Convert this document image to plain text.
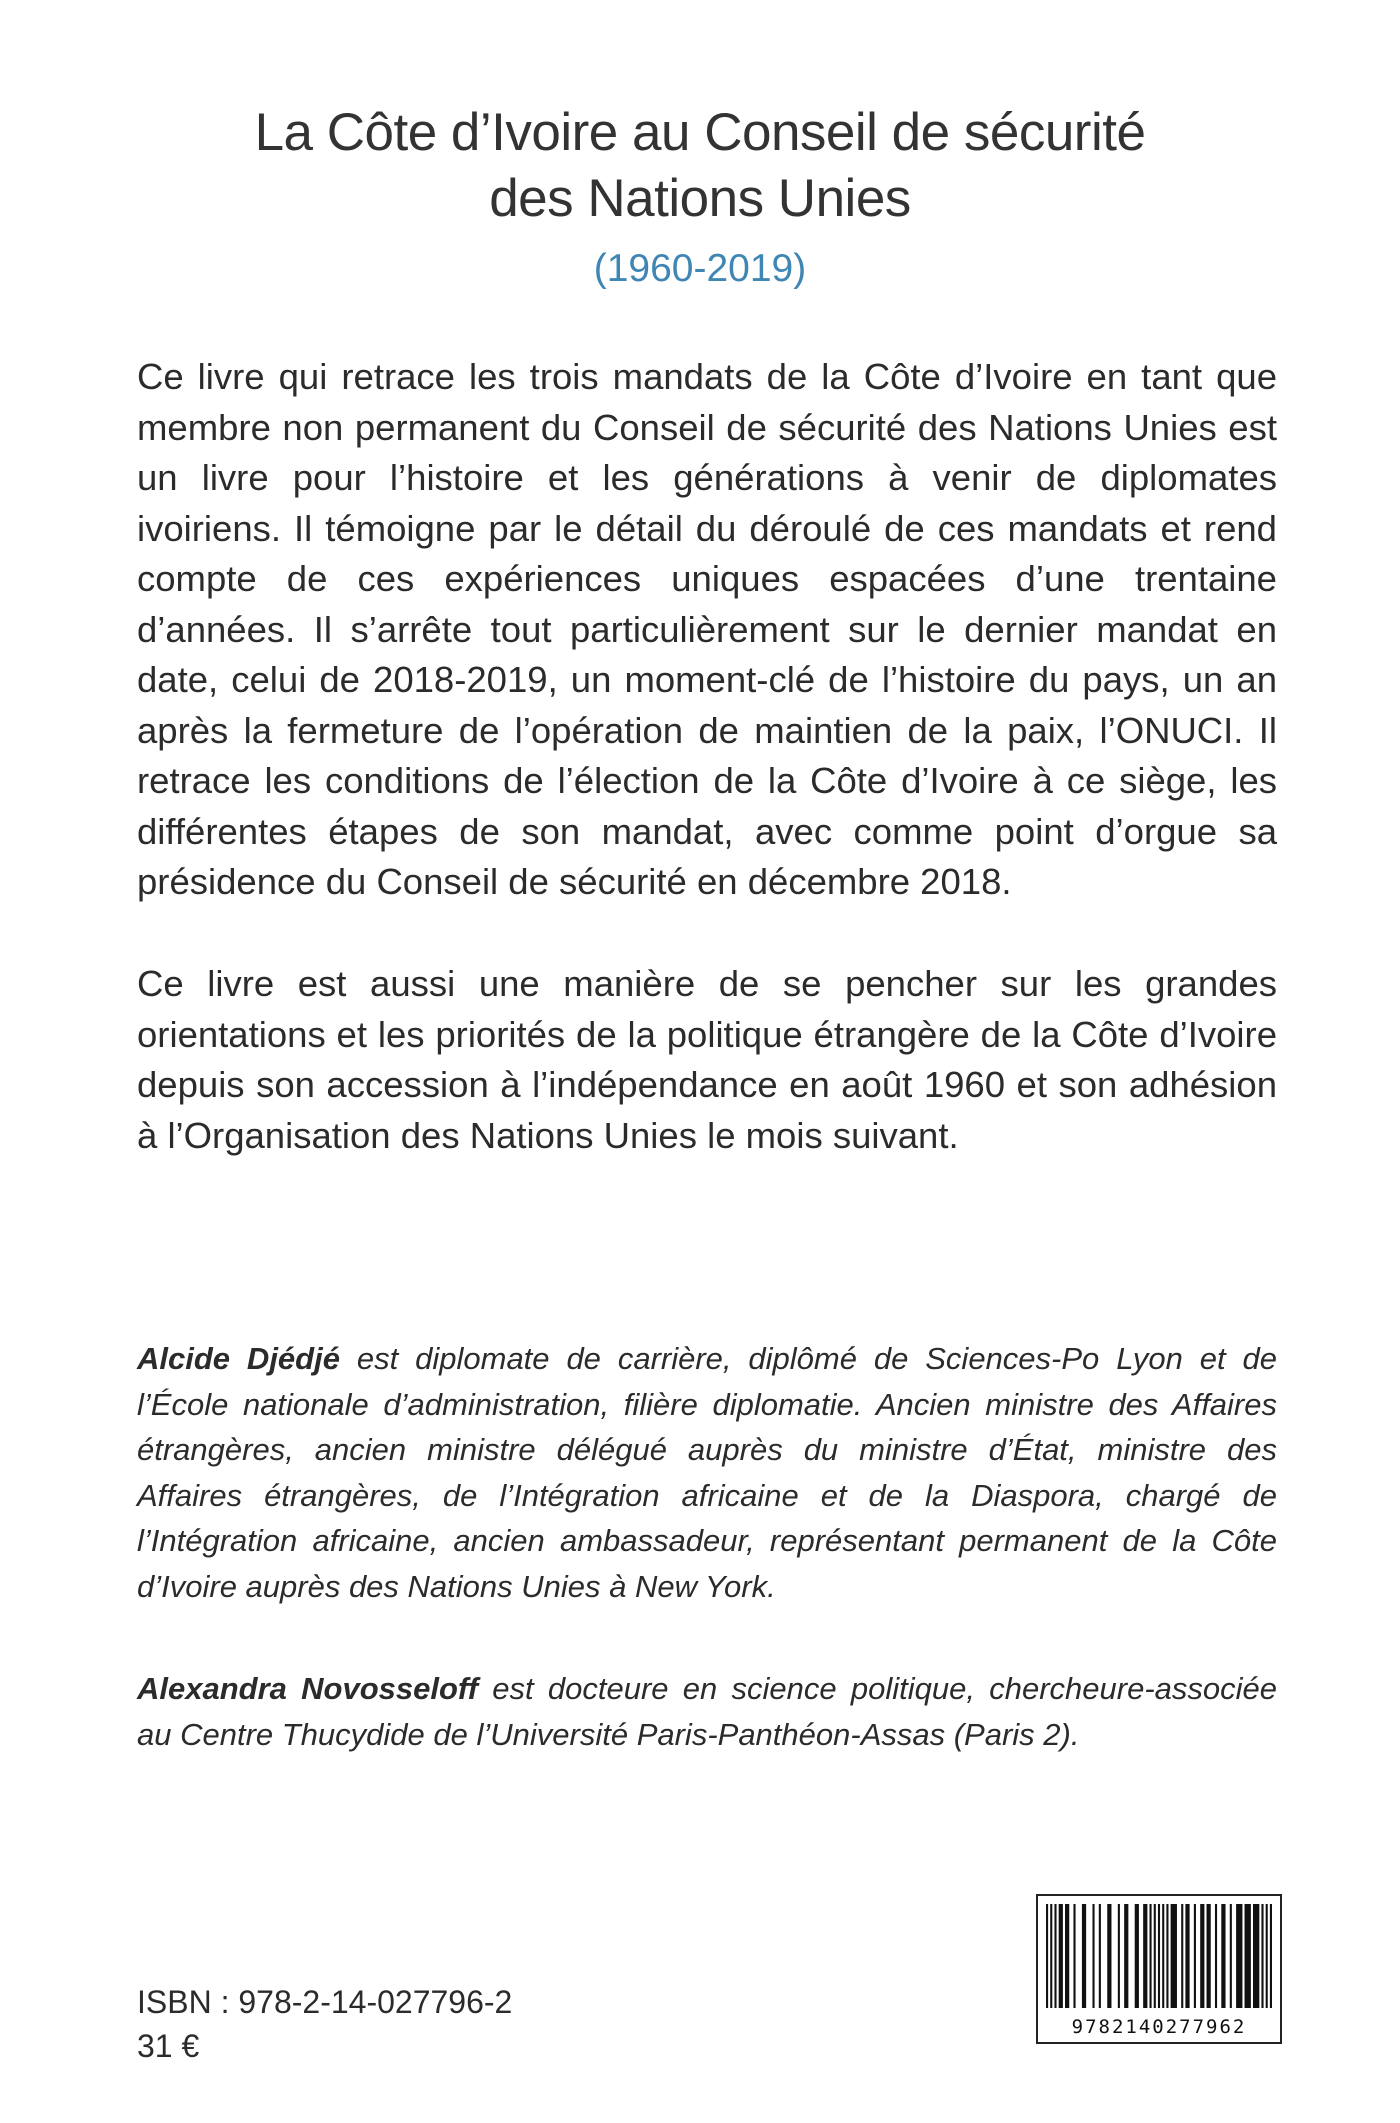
La Côte d’Ivoire au Conseil de sécurité
des Nations Unies
(1960-2019)
Ce livre qui retrace les trois mandats de la Côte d’Ivoire en tant que membre non permanent du Conseil de sécurité des Nations Unies est un livre pour l’histoire et les générations à venir de diplomates ivoiriens. Il témoigne par le détail du déroulé de ces mandats et rend compte de ces expériences uniques espacées d’une trentaine d’années. Il s’arrête tout particulièrement sur le dernier mandat en date, celui de 2018-2019, un moment-clé de l’histoire du pays, un an après la fermeture de l’opération de maintien de la paix, l’ONUCI. Il retrace les conditions de l’élection de la Côte d’Ivoire à ce siège, les différentes étapes de son mandat, avec comme point d’orgue sa présidence du Conseil de sécurité en décembre 2018.
Ce livre est aussi une manière de se pencher sur les grandes orientations et les priorités de la politique étrangère de la Côte d’Ivoire depuis son accession à l’indépendance en août 1960 et son adhésion à l’Organisation des Nations Unies le mois suivant.
Alcide Djédjé est diplomate de carrière, diplômé de Sciences-Po Lyon et de l’École nationale d’administration, filière diplomatie. Ancien ministre des Affaires étrangères, ancien ministre délégué auprès du ministre d’État, ministre des Affaires étrangères, de l’Intégration africaine et de la Diaspora, chargé de l’Intégration africaine, ancien ambassadeur, représentant permanent de la Côte d’Ivoire auprès des Nations Unies à New York.
Alexandra Novosseloff est docteure en science politique, chercheure-associée au Centre Thucydide de l’Université Paris-Panthéon-Assas (Paris 2).
ISBN : 978-2-14-027796-2
31 €
9782140277962
